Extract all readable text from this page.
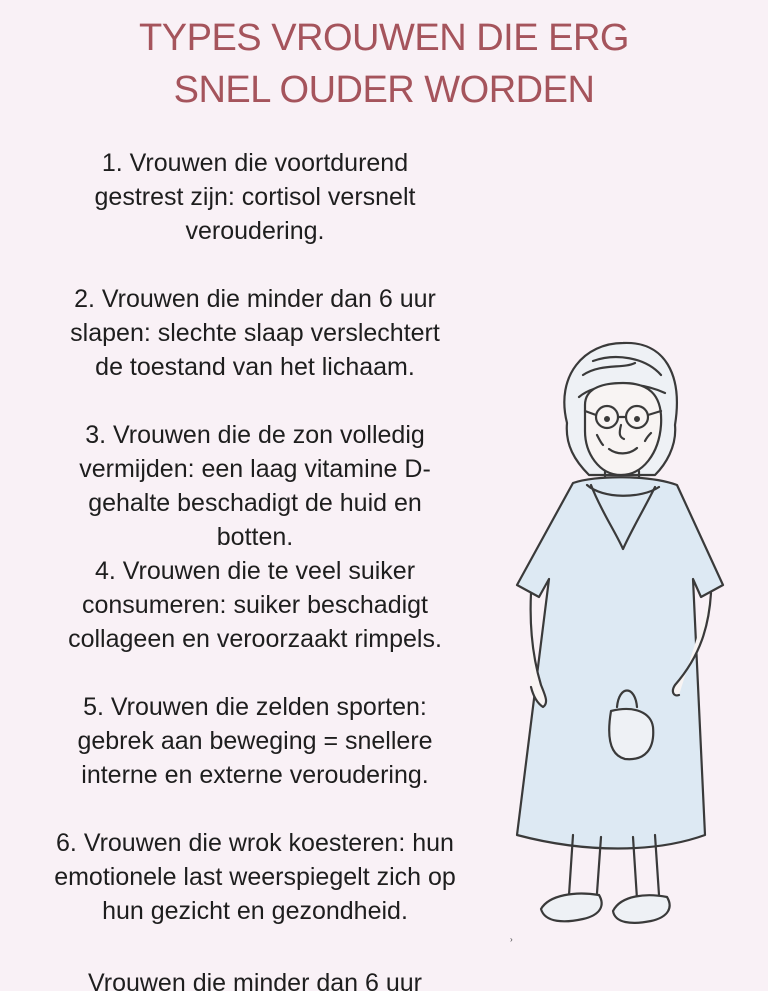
TYPES VROUWEN DIE ERG
SNEL OUDER WORDEN
1. Vrouwen die voortdurend
gestrest zijn: cortisol versnelt
veroudering.
2. Vrouwen die minder dan 6 uur
slapen: slechte slaap verslechtert
de toestand van het lichaam.
3. Vrouwen die de zon volledig
vermijden: een laag vitamine D-
gehalte beschadigt de huid en
botten.
4. Vrouwen die te veel suiker
consumeren: suiker beschadigt
collageen en veroorzaakt rimpels.
5. Vrouwen die zelden sporten:
gebrek aan beweging = snellere
interne en externe veroudering.
6. Vrouwen die wrok koesteren: hun
emotionele last weerspiegelt zich op
hun gezicht en gezondheid.
Vrouwen die minder dan 6 uur
›
